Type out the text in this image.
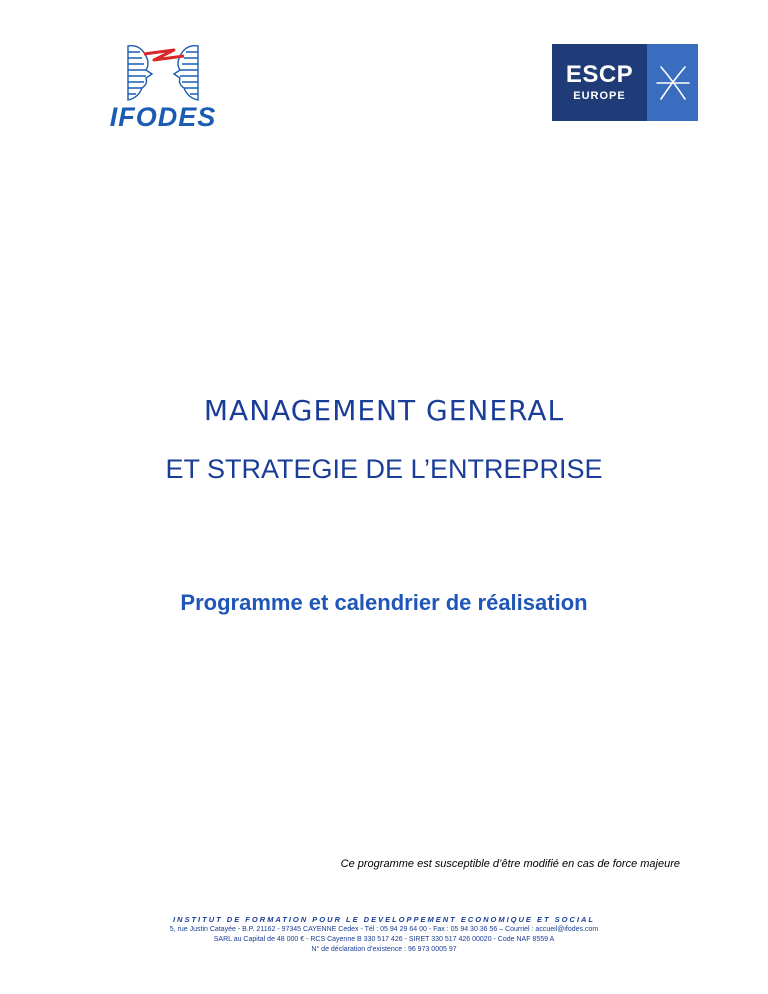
IFODES
ESCP
EUROPE
MANAGEMENT GENERAL
ET STRATEGIE DE L’ENTREPRISE
Programme et calendrier de réalisation
Ce programme est susceptible d’être modifié en cas de force majeure
INSTITUT DE FORMATION POUR LE DEVELOPPEMENT ECONOMIQUE ET SOCIAL
5, rue Justin Catayée - B.P. 21162 - 97345 CAYENNE Cedex - Tél : 05 94 29 64 00 - Fax : 05 94 30 36 56 – Courriel : accueil@ifodes.com
SARL au Capital de 48 000 € - RCS Cayenne B 330 517 426 - SIRET 330 517 426 00020 - Code NAF 8559 A
N° de déclaration d’existence : 96 973 0005 97
